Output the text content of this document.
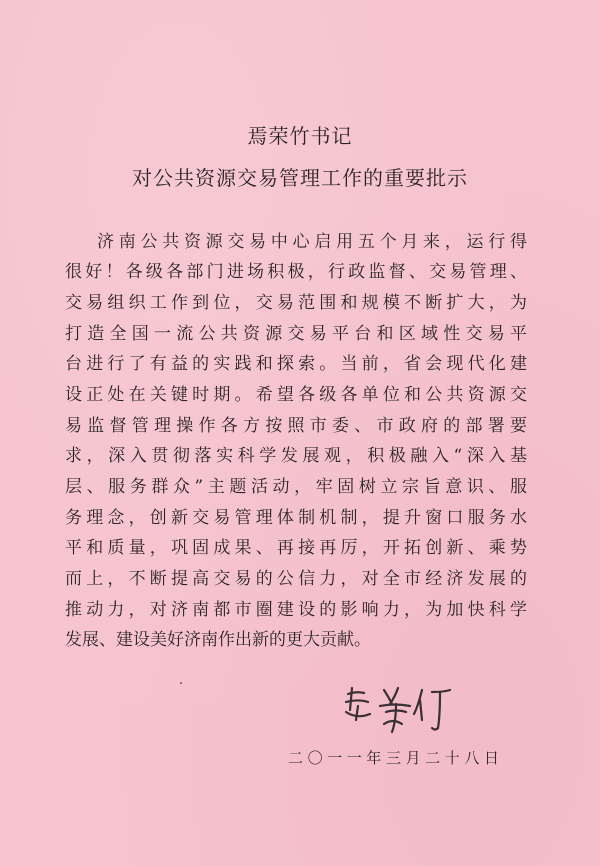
焉荣竹书记
对公共资源交易管理工作的重要批示
济南公共资源交易中心启用五个月来，运行得
很好！各级各部门进场积极，行政监督、交易管理、
交易组织工作到位，交易范围和规模不断扩大，为
打造全国一流公共资源交易平台和区域性交易平
台进行了有益的实践和探索。当前，省会现代化建
设正处在关键时期。希望各级各单位和公共资源交
易监督管理操作各方按照市委、市政府的部署要
求，深入贯彻落实科学发展观，积极融入“深入基
层、服务群众”主题活动，牢固树立宗旨意识、服
务理念，创新交易管理体制机制，提升窗口服务水
平和质量，巩固成果、再接再厉，开拓创新、乘势
而上，不断提高交易的公信力，对全市经济发展的
推动力，对济南都市圈建设的影响力，为加快科学
发展、建设美好济南作出新的更大贡献。
二〇一一年三月二十八日
